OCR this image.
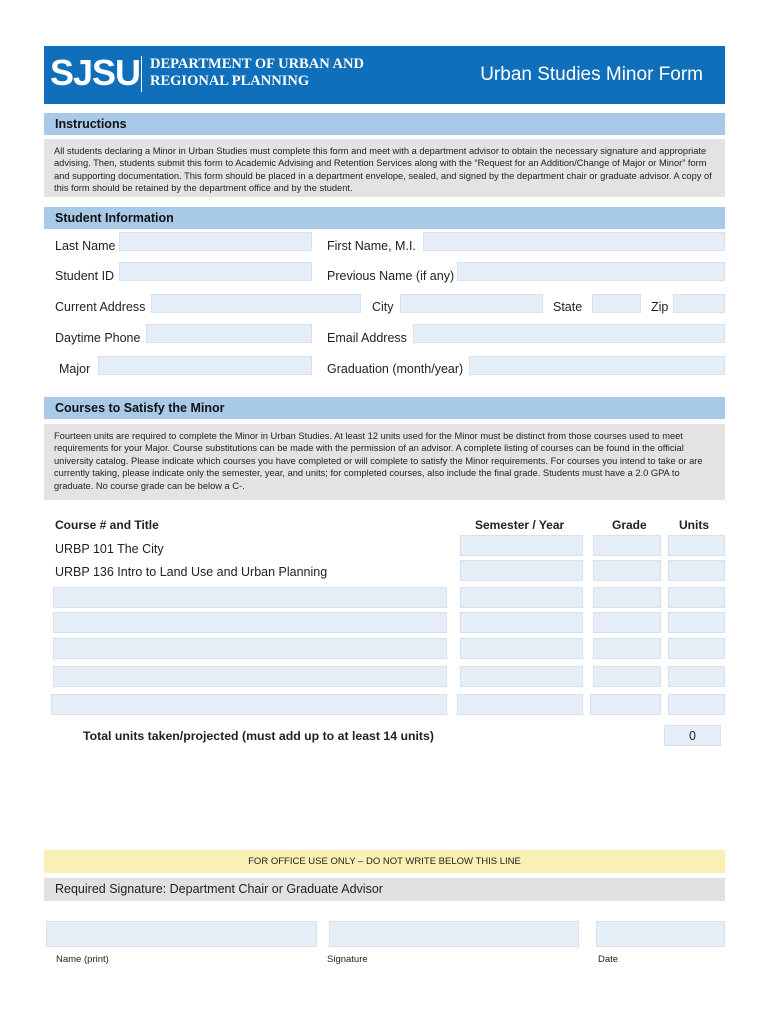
SJSU DEPARTMENT OF URBAN AND
REGIONAL PLANNING	Urban Studies Minor Form
Instructions
All students declaring a Minor in Urban Studies must complete this form and meet with a department advisor to obtain the necessary signature and appropriate advising. Then, students submit this form to Academic Advising and Retention Services along with the “Request for an Addition/Change of Major or Minor” form and supporting documentation. This form should be placed in a department envelope, sealed, and signed by the department chair or graduate advisor. A copy of this form should be retained by the department office and by the student.
Student Information
Last Name	First Name, M.I.
Student ID	Previous Name (if any)
Current Address	City	State	Zip
Daytime Phone	Email Address
Major	Graduation (month/year)
Courses to Satisfy the Minor
Fourteen units are required to complete the Minor in Urban Studies. At least 12 units used for the Minor must be distinct from those courses used to meet requirements for your Major. Course substitutions can be made with the permission of an advisor. A complete listing of courses can be found in the official university catalog. Please indicate which courses you have completed or will complete to satisfy the Minor requirements. For courses you intend to take or are currently taking, please indicate only the semester, year, and units; for completed courses, also include the final grade. Students must have a 2.0 GPA to graduate. No course grade can be below a C-.
Course # and Title	Semester / Year	Grade	Units
URBP 101 The City
URBP 136 Intro to Land Use and Urban Planning
Total units taken/projected (must add up to at least 14 units)	0
FOR OFFICE USE ONLY – DO NOT WRITE BELOW THIS LINE
Required Signature: Department Chair or Graduate Advisor
Name (print)	Signature	Date
